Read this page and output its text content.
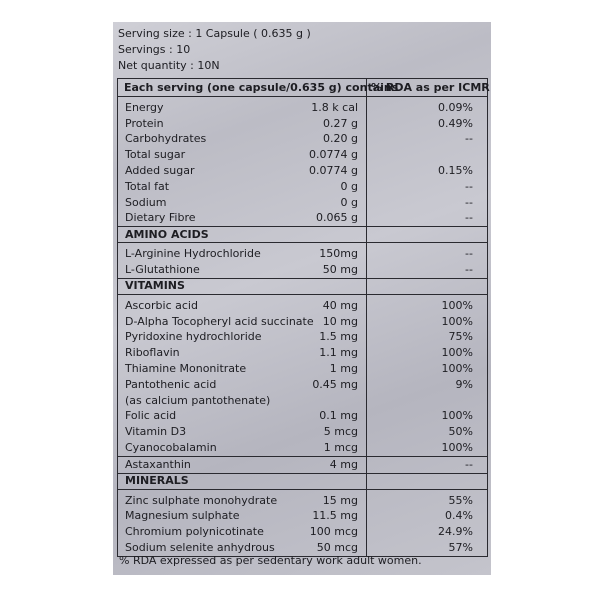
Serving size : 1 Capsule ( 0.635 g )
Servings : 10
Net quantity : 10N
Each serving (one capsule/0.635 g) contains		% RDA as per ICMR
Energy	1.8 k cal	0.09%
Protein	0.27 g	0.49%
Carbohydrates	0.20 g	--
Total sugar	0.0774 g	
Added sugar	0.0774 g	0.15%
Total fat	0 g	--
Sodium	0 g	--
Dietary Fibre	0.065 g	--
AMINO ACIDS		
L-Arginine Hydrochloride	150mg	--
L-Glutathione	50 mg	--
VITAMINS		
Ascorbic acid	40 mg	100%
D-Alpha Tocopheryl acid succinate	10 mg	100%
Pyridoxine hydrochloride	1.5 mg	75%
Riboflavin	1.1 mg	100%
Thiamine Mononitrate	1 mg	100%
Pantothenic acid	0.45 mg	9%
(as calcium pantothenate)		
Folic acid	0.1 mg	100%
Vitamin D3	5 mcg	50%
Cyanocobalamin	1 mcg	100%
Astaxanthin	4 mg	--
MINERALS		
Zinc sulphate monohydrate	15 mg	55%
Magnesium sulphate	11.5 mg	0.4%
Chromium polynicotinate	100 mcg	24.9%
Sodium selenite anhydrous	50 mcg	57%
% RDA expressed as per sedentary work adult women.
